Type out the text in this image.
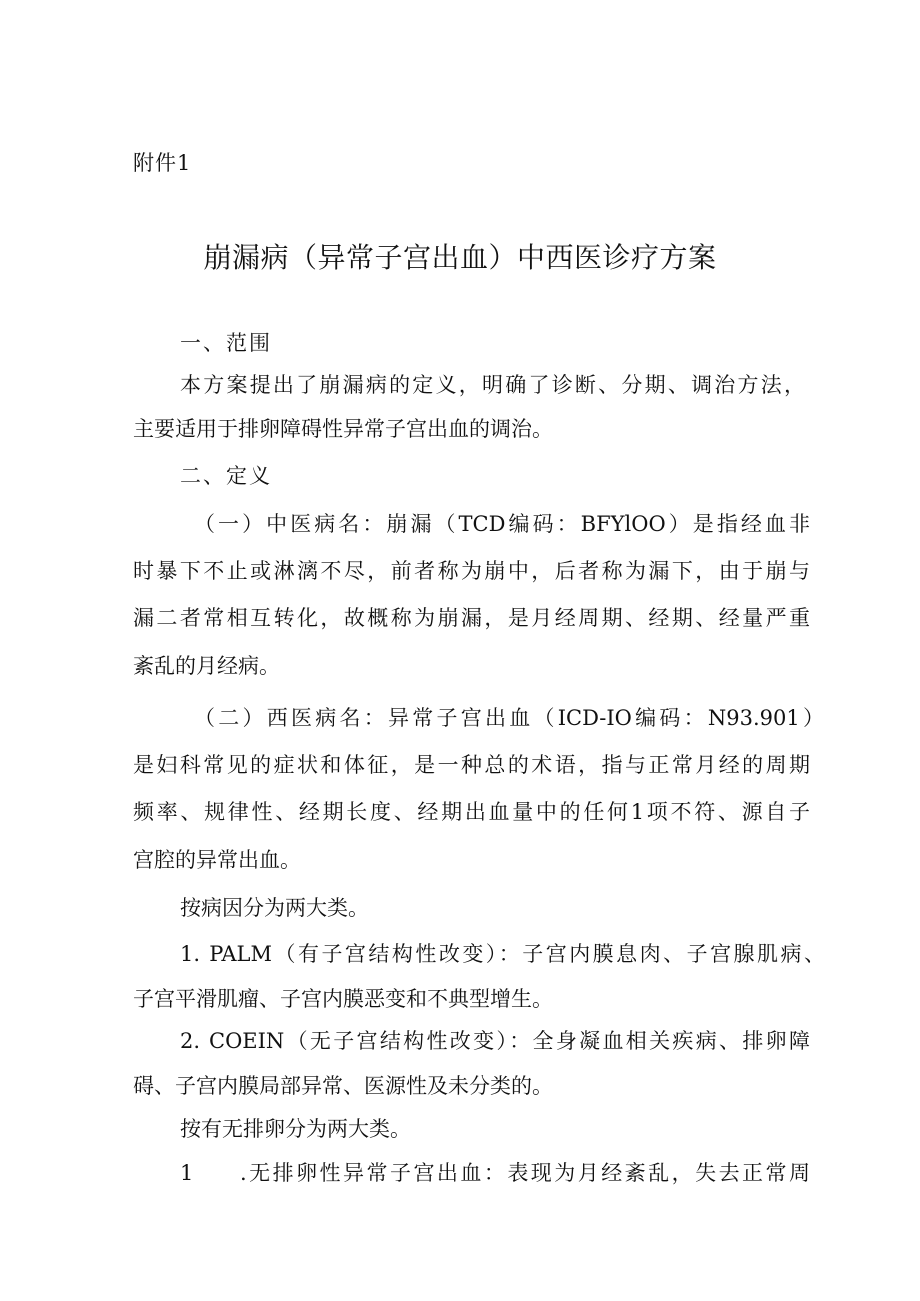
附件1
崩漏病（异常子宫出血）中西医诊疗方案
一、范围
本方案提出了崩漏病的定义，明确了诊断、分期、调治方法，
主要适用于排卵障碍性异常子宫出血的调治。
二、定义
（一）中医病名：崩漏（TCD编码：BFYlOO）是指经血非
时暴下不止或淋漓不尽，前者称为崩中，后者称为漏下，由于崩与
漏二者常相互转化，故概称为崩漏，是月经周期、经期、经量严重
紊乱的月经病。
（二）西医病名：异常子宫出血（ICD-IO编码：N93.901）
是妇科常见的症状和体征，是一种总的术语，指与正常月经的周期
频率、规律性、经期长度、经期出血量中的任何1项不符、源自子
宫腔的异常出血。
按病因分为两大类。
1. PALM（有子宫结构性改变）：子宫内膜息肉、子宫腺肌病、
子宫平滑肌瘤、子宫内膜恶变和不典型增生。
2. COEIN（无子宫结构性改变）：全身凝血相关疾病、排卵障
碍、子宫内膜局部异常、医源性及未分类的。
按有无排卵分为两大类。
1 .无排卵性异常子宫出血：表现为月经紊乱，失去正常周
